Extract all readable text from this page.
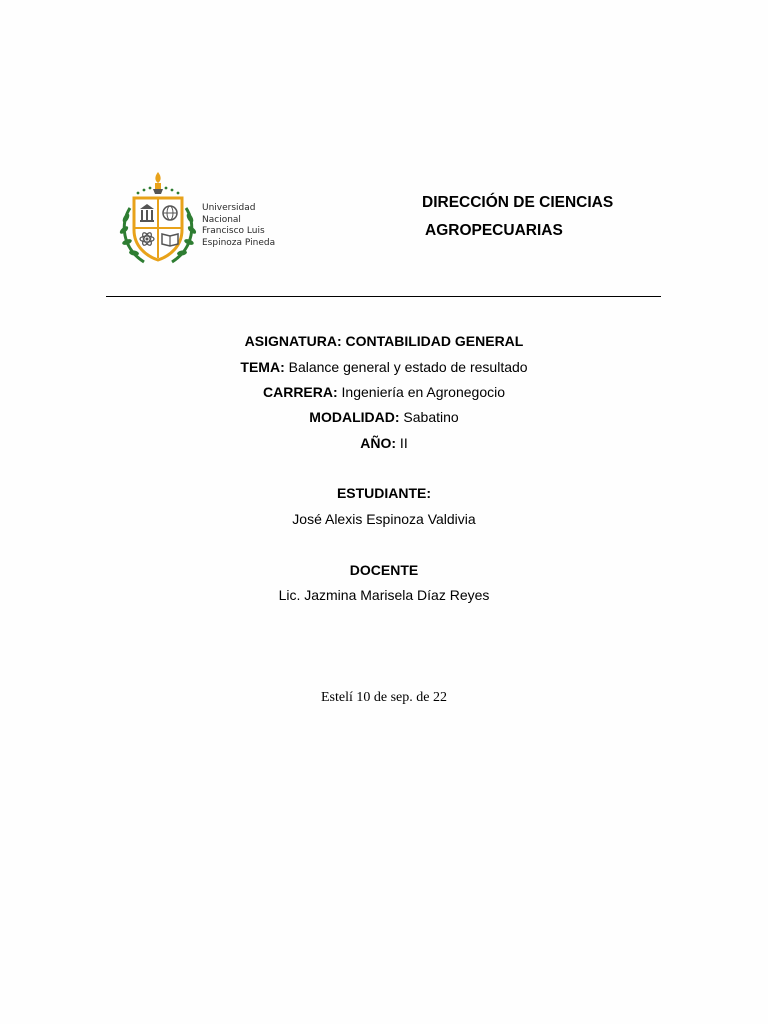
Universidad
Nacional
Francisco Luis
Espinoza Pineda
DIRECCIÓN DE CIENCIAS
AGROPECUARIAS
ASIGNATURA: CONTABILIDAD GENERAL
TEMA: Balance general y estado de resultado
CARRERA: Ingeniería en Agronegocio
MODALIDAD: Sabatino
AÑO: II
ESTUDIANTE:
José Alexis Espinoza Valdivia
DOCENTE
Lic. Jazmina Marisela Díaz Reyes
Estelí 10 de sep. de 22
